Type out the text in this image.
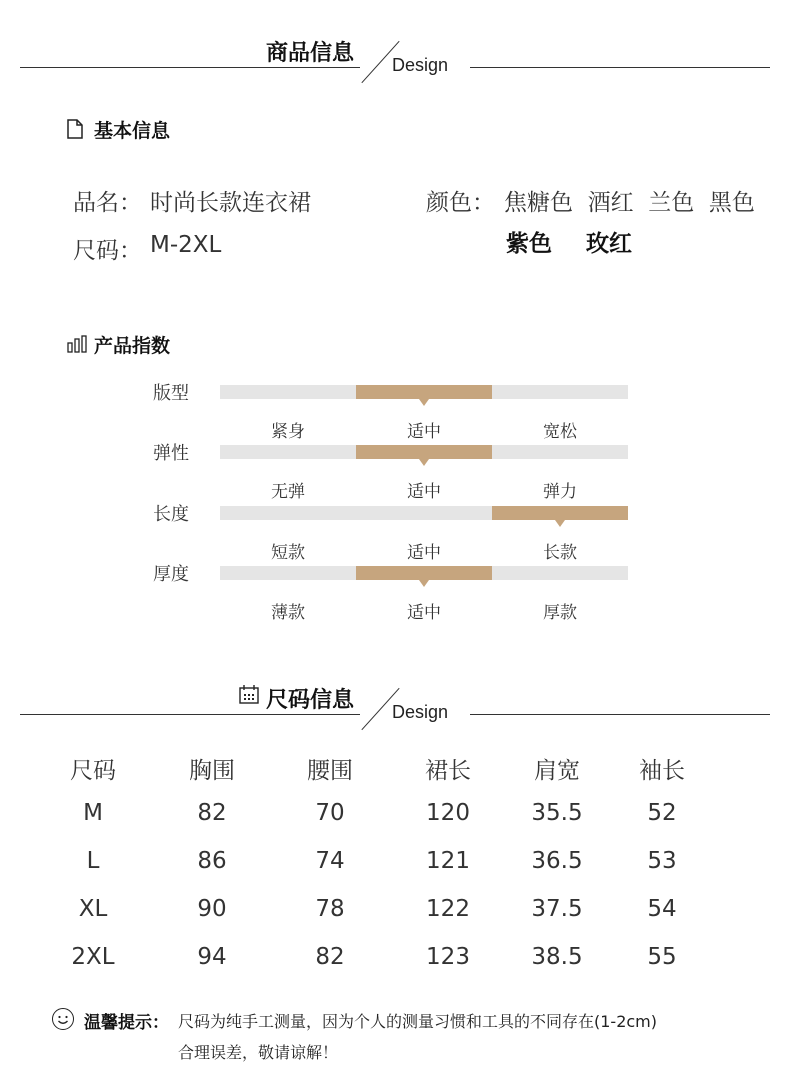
商品信息 Design
基本信息
品名： 时尚长款连衣裙
尺码： M-2XL
颜色： 焦糖色  酒红  兰色  黑色
紫色 玫红
产品指数
版型
紧身	适中	宽松
弹性
无弹	适中	弹力
长度
短款	适中	长款
厚度
薄款	适中	厚款
尺码信息 Design
尺码	胸围	腰围	裙长	肩宽	袖长
M	82	70	120	35.5	52
L	86	74	121	36.5	53
XL	90	78	122	37.5	54
2XL	94	82	123	38.5	55
温馨提示： 尺码为纯手工测量，因为个人的测量习惯和工具的不同存在(1-2cm)
合理误差，敬请谅解！
